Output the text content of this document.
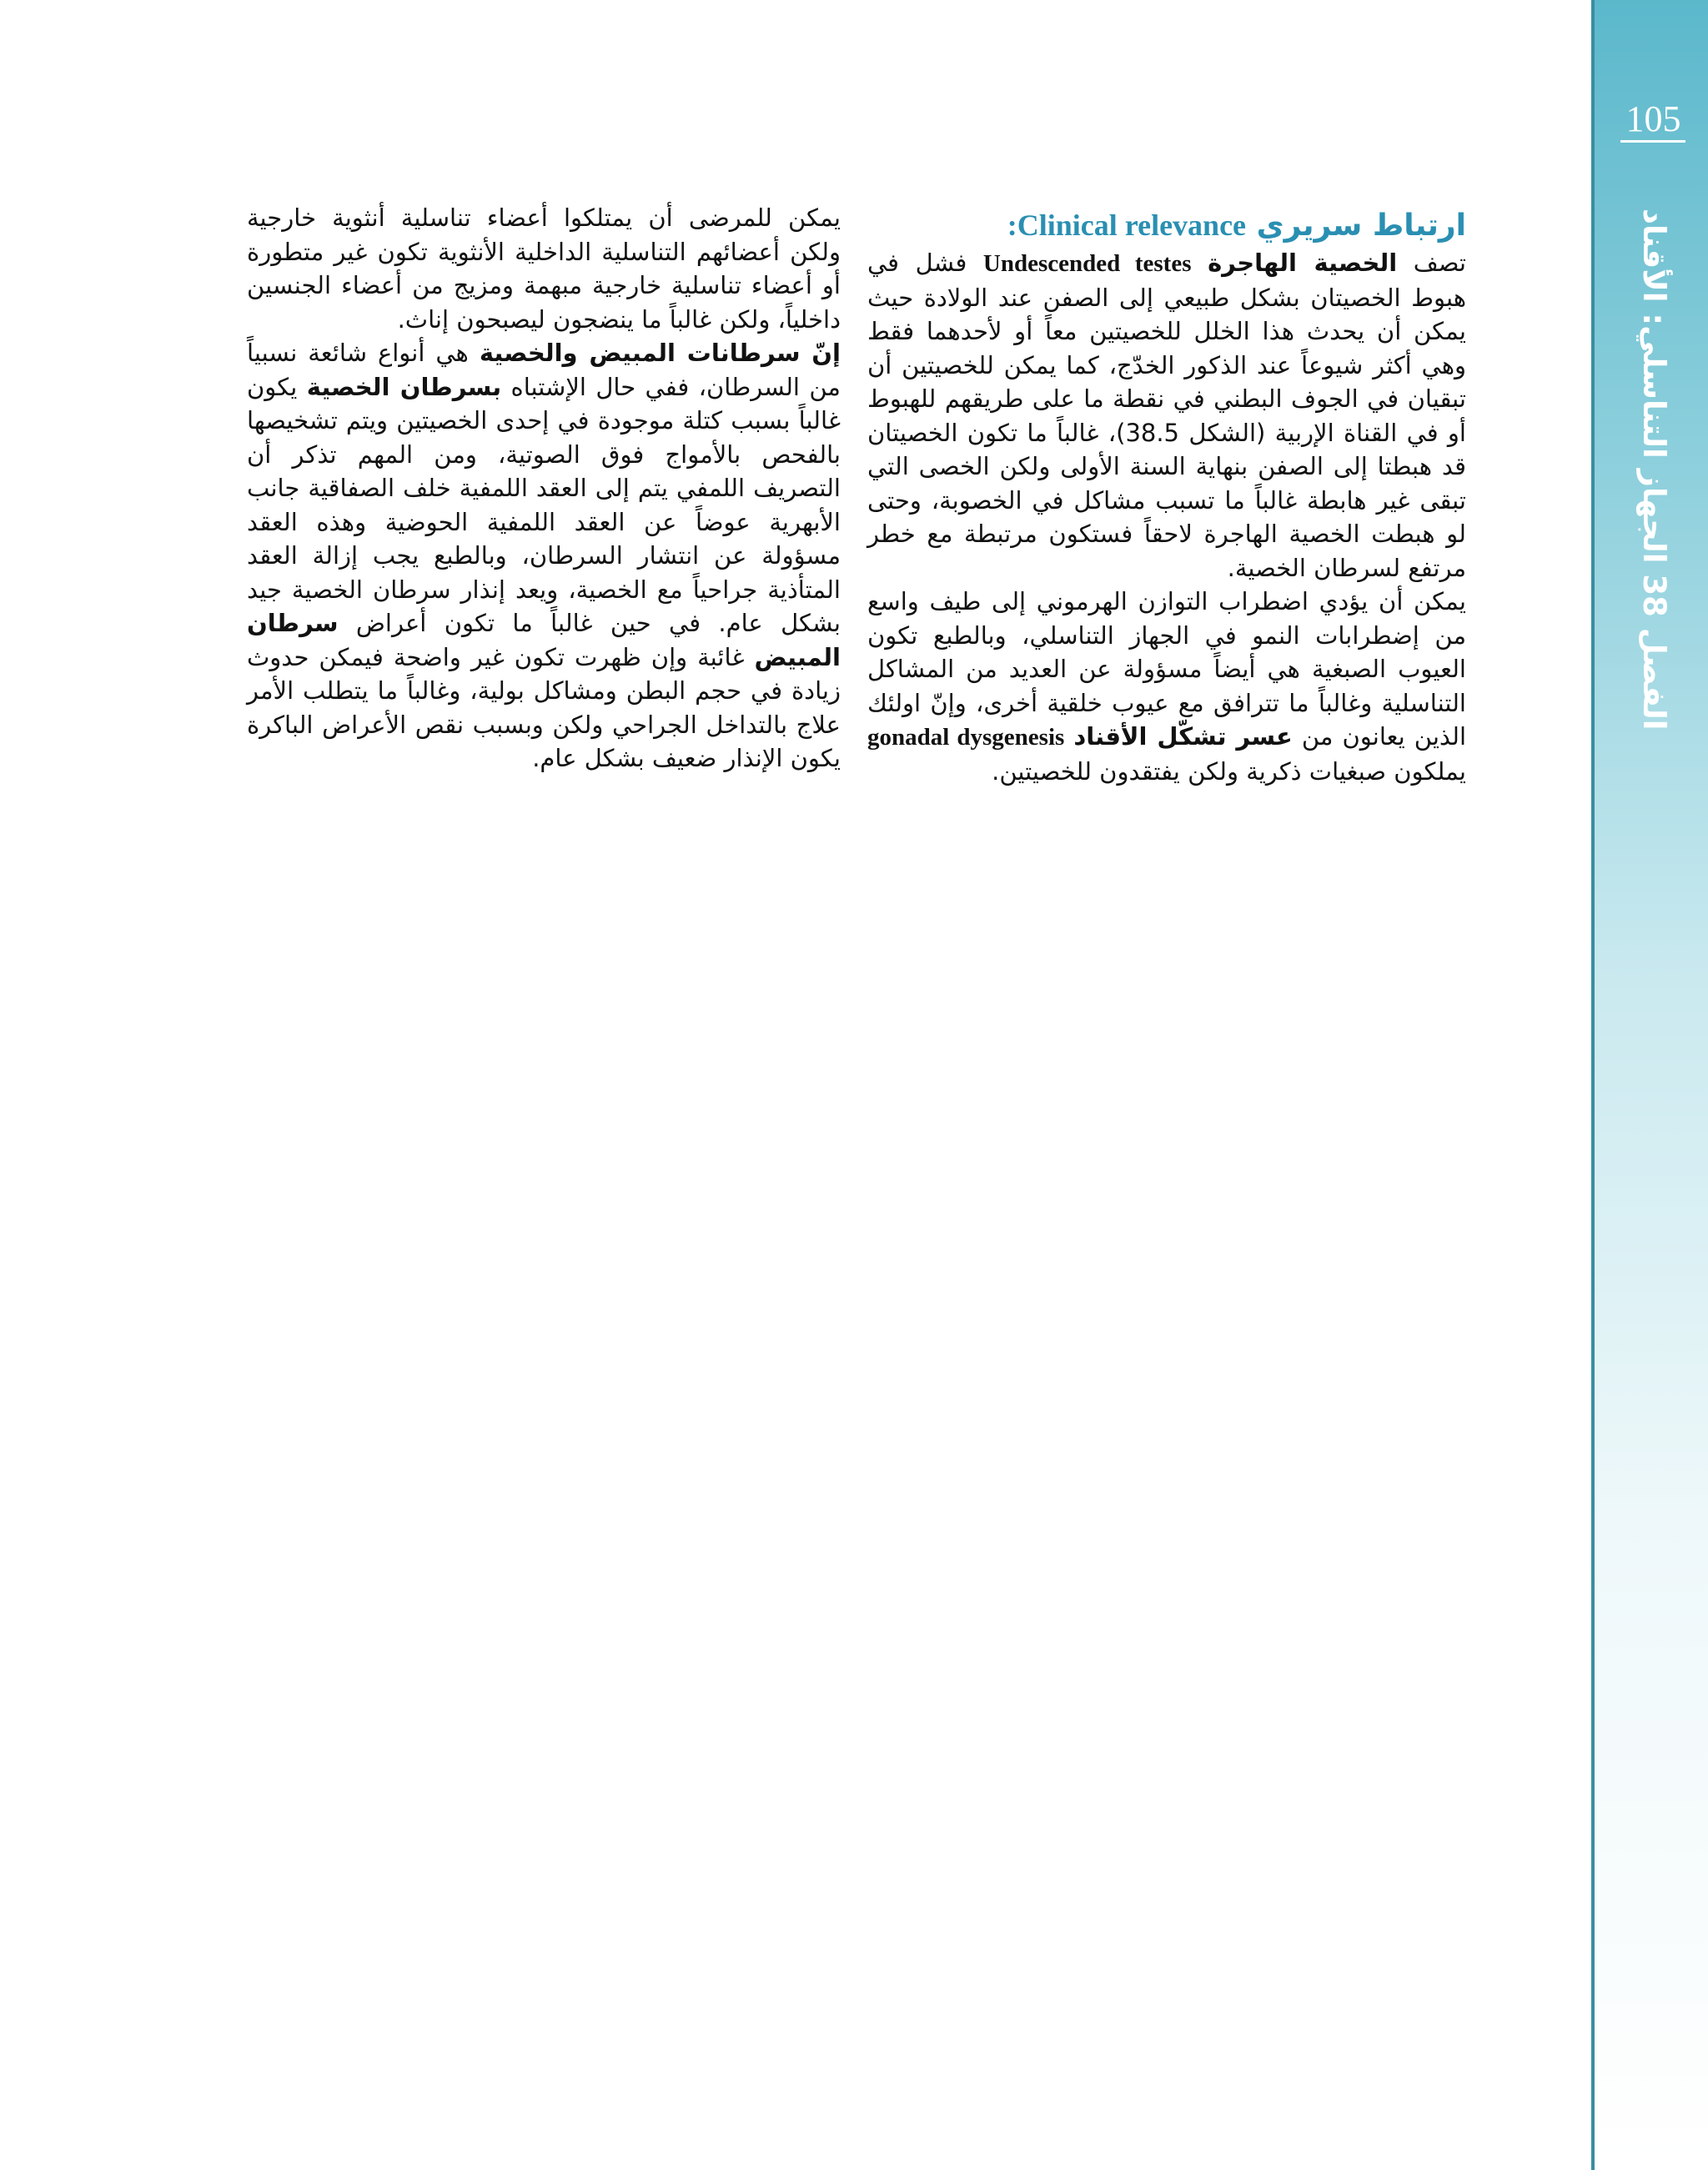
105
الفصل 38 الجهاز التناسلي: الأقناد

ارتباط سريري Clinical relevance:

تصف الخصية الهاجرة Undescended testes فشل في هبوط الخصيتان بشكل طبيعي إلى الصفن عند الولادة حيث يمكن أن يحدث هذا الخلل للخصيتين معاً أو لأحدهما فقط وهي أكثر شيوعاً عند الذكور الخدّج، كما يمكن للخصيتين أن تبقيان في الجوف البطني في نقطة ما على طريقهم للهبوط أو في القناة الإربية (الشكل 38.5)، غالباً ما تكون الخصيتان قد هبطتا إلى الصفن بنهاية السنة الأولى ولكن الخصى التي تبقى غير هابطة غالباً ما تسبب مشاكل في الخصوبة، وحتى لو هبطت الخصية الهاجرة لاحقاً فستكون مرتبطة مع خطر مرتفع لسرطان الخصية.

يمكن أن يؤدي اضطراب التوازن الهرموني إلى طيف واسع من إضطرابات النمو في الجهاز التناسلي، وبالطبع تكون العيوب الصبغية هي أيضاً مسؤولة عن العديد من المشاكل التناسلية وغالباً ما تترافق مع عيوب خلقية أخرى، وإنّ اولئك الذين يعانون من عسر تشكّل الأقناد gonadal dysgenesis يملكون صبغيات ذكرية ولكن يفتقدون للخصيتين.

يمكن للمرضى أن يمتلكوا أعضاء تناسلية أنثوية خارجية ولكن أعضائهم التناسلية الداخلية الأنثوية تكون غير متطورة أو أعضاء تناسلية خارجية مبهمة ومزيج من أعضاء الجنسين داخلياً، ولكن غالباً ما ينضجون ليصبحون إناث.

إنّ سرطانات المبيض والخصية هي أنواع شائعة نسبياً من السرطان، ففي حال الإشتباه بسرطان الخصية يكون غالباً بسبب كتلة موجودة في إحدى الخصيتين ويتم تشخيصها بالفحص بالأمواج فوق الصوتية، ومن المهم تذكر أن التصريف اللمفي يتم إلى العقد اللمفية خلف الصفاقية جانب الأبهرية عوضاً عن العقد اللمفية الحوضية وهذه العقد مسؤولة عن انتشار السرطان، وبالطبع يجب إزالة العقد المتأذية جراحياً مع الخصية، ويعد إنذار سرطان الخصية جيد بشكل عام. في حين غالباً ما تكون أعراض سرطان المبيض غائبة وإن ظهرت تكون غير واضحة فيمكن حدوث زيادة في حجم البطن ومشاكل بولية، وغالباً ما يتطلب الأمر علاج بالتداخل الجراحي ولكن وبسبب نقص الأعراض الباكرة يكون الإنذار ضعيف بشكل عام.
